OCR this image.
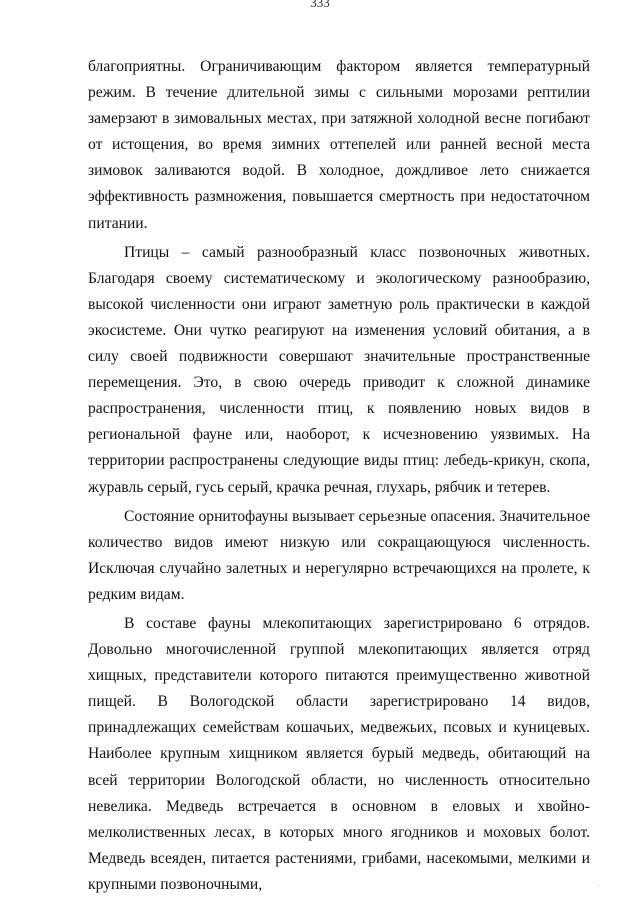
333

благоприятны. Ограничивающим фактором является температурный режим. В течение длительной зимы с сильными морозами рептилии замерзают в зимовальных местах, при затяжной холодной весне погибают от истощения, во время зимних оттепелей или ранней весной места зимовок заливаются водой. В холодное, дождливое лето снижается эффективность размножения, повышается смертность при недостаточном питании.

Птицы – самый разнообразный класс позвоночных животных. Благодаря своему систематическому и экологическому разнообразию, высокой численности они играют заметную роль практически в каждой экосистеме. Они чутко реагируют на изменения условий обитания, а в силу своей подвижности совершают значительные пространственные перемещения. Это, в свою очередь приводит к сложной динамике распространения, численности птиц, к появлению новых видов в региональной фауне или, наоборот, к исчезновению уязвимых. На территории распространены следующие виды птиц: лебедь-крикун, скопа, журавль серый, гусь серый, крачка речная, глухарь, рябчик и тетерев.

Состояние орнитофауны вызывает серьезные опасения. Значительное количество видов имеют низкую или сокращающуюся численность. Исключая случайно залетных и нерегулярно встречающихся на пролете, к редким видам.

В составе фауны млекопитающих зарегистрировано 6 отрядов. Довольно многочисленной группой млекопитающих является отряд хищных, представители которого питаются преимущественно животной пищей. В Вологодской области зарегистрировано 14 видов, принадлежащих семействам кошачьих, медвежьих, псовых и куницевых. Наиболее крупным хищником является бурый медведь, обитающий на всей территории Вологодской области, но численность относительно невелика. Медведь встречается в основном в еловых и хвойно-мелколиственных лесах, в которых много ягодников и моховых болот. Медведь всеяден, питается растениями, грибами, насекомыми, мелкими и крупными позвоночными,	·
